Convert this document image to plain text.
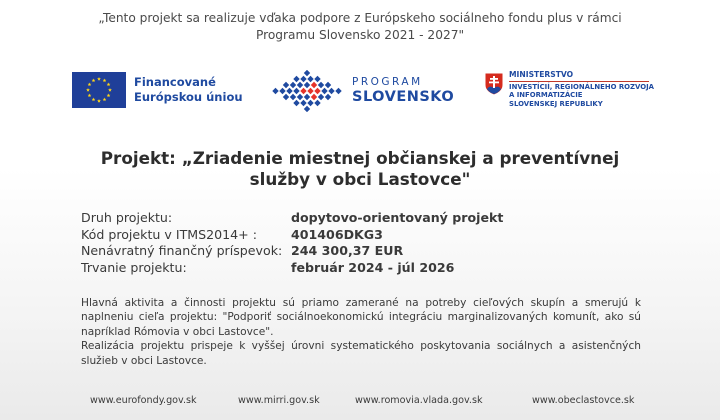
„Tento projekt sa realizuje vďaka podpore z Európskeho sociálneho fondu plus v rámci
Programu Slovensko 2021 - 2027"
Financované
Európskou úniou
PROGRAM
SLOVENSKO
MINISTERSTVO
INVESTÍCIÍ, REGIONÁLNEHO ROZVOJA
A INFORMATIZÁCIE
SLOVENSKEJ REPUBLIKY
Projekt: „Zriadenie miestnej občianskej a preventívnej
služby v obci Lastovce"
Druh projektu:	dopytovo-orientovaný projekt
Kód projektu v ITMS2014+ :	401406DKG3
Nenávratný finančný príspevok: 244 300,37 EUR
Trvanie projektu:	február 2024 - júl 2026

Hlavná aktivita a činnosti projektu sú priamo zamerané na potreby cieľových skupín a smerujú k naplneniu cieľa projektu: "Podporiť sociálnoekonomickú integráciu marginalizovaných komunít, ako sú napríklad Rómovia v obci Lastovce".

Realizácia projektu prispeje k vyššej úrovni systematického poskytovania sociálnych a asistenčných služieb v obci Lastovce.

www.eurofondy.gov.sk	www.mirri.gov.sk	www.romovia.vlada.gov.sk	www.obeclastovce.sk
